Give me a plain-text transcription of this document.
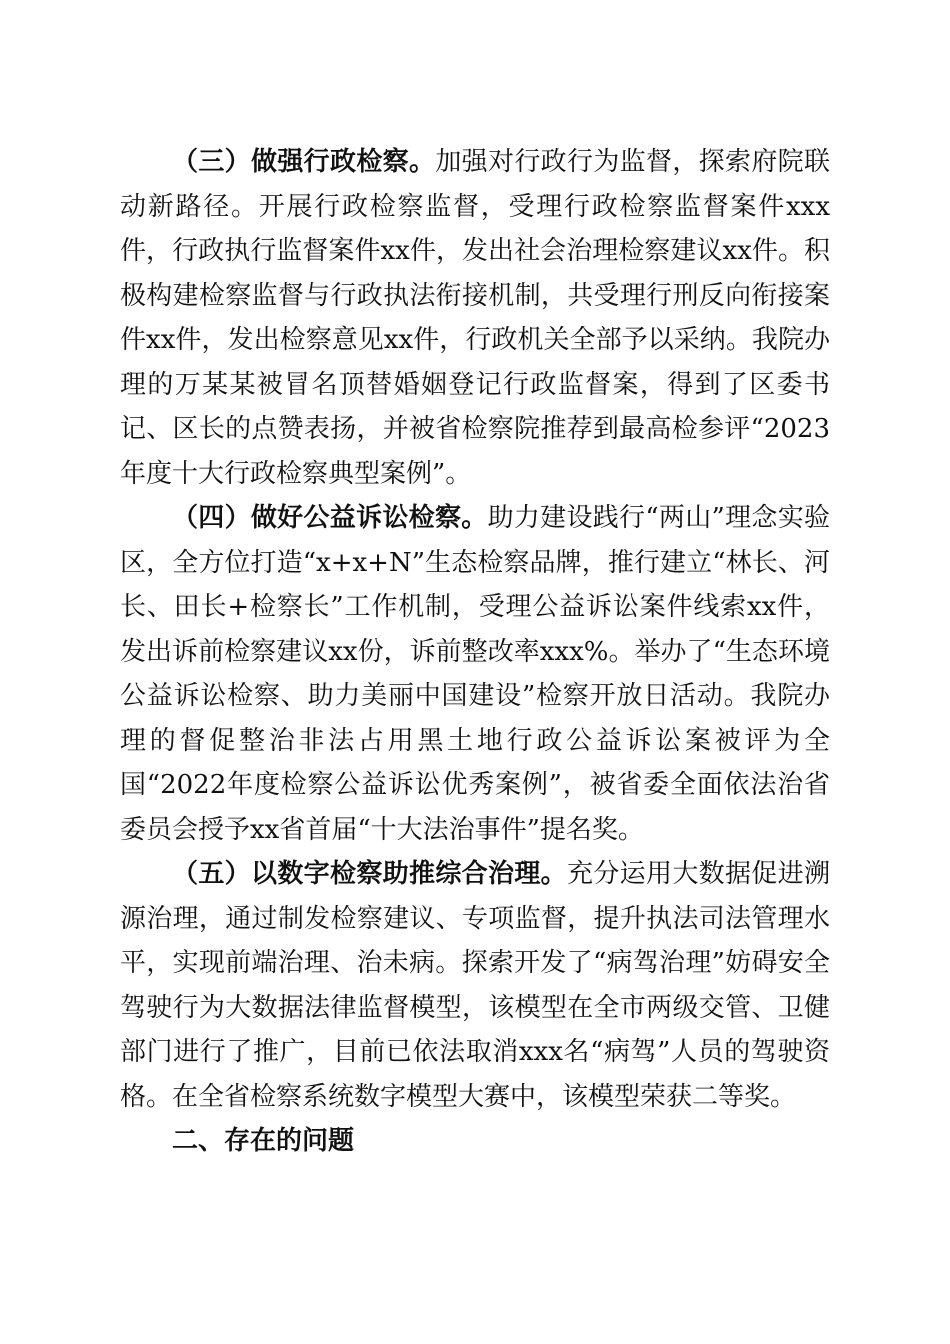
（三）做强行政检察。加强对行政行为监督，探索府院联动新路径。开展行政检察监督，受理行政检察监督案件xxx件，行政执行监督案件xx件，发出社会治理检察建议xx件。积极构建检察监督与行政执法衔接机制，共受理行刑反向衔接案件xx件，发出检察意见xx件，行政机关全部予以采纳。我院办理的万某某被冒名顶替婚姻登记行政监督案，得到了区委书记、区长的点赞表扬，并被省检察院推荐到最高检参评“2023年度十大行政检察典型案例”。

（四）做好公益诉讼检察。助力建设践行“两山”理念实验区，全方位打造“x+x+N”生态检察品牌，推行建立“林长、河长、田长+检察长”工作机制，受理公益诉讼案件线索xx件，发出诉前检察建议xx份，诉前整改率xxx%。举办了“生态环境公益诉讼检察、助力美丽中国建设”检察开放日活动。我院办理的督促整治非法占用黑土地行政公益诉讼案被评为全国“2022年度检察公益诉讼优秀案例”，被省委全面依法治省委员会授予xx省首届“十大法治事件”提名奖。

（五）以数字检察助推综合治理。充分运用大数据促进溯源治理，通过制发检察建议、专项监督，提升执法司法管理水平，实现前端治理、治未病。探索开发了“病驾治理”妨碍安全驾驶行为大数据法律监督模型，该模型在全市两级交管、卫健部门进行了推广，目前已依法取消xxx名“病驾”人员的驾驶资格。在全省检察系统数字模型大赛中，该模型荣获二等奖。

二、存在的问题
